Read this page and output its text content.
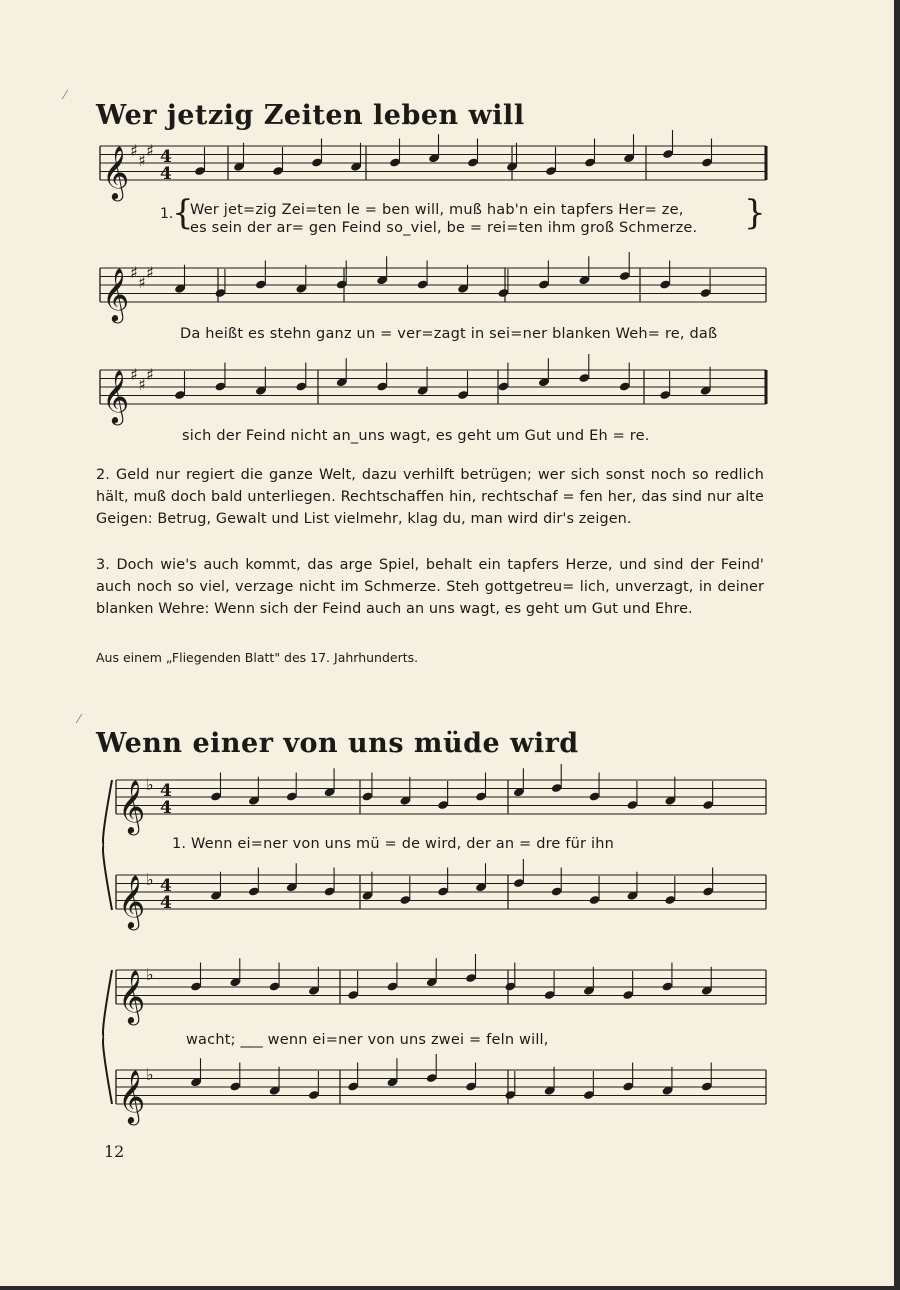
⁄
⁄
Wer jetzig Zeiten leben will
𝄞 ♯
♯
♯ 4
4
𝄞 ♯
♯
♯
𝄞 ♯
♯
♯
𝄞 ♭ 4
4
𝄞 ♭ 4
4
𝄞 ♭
𝄞 ♭
1.
{	}
Wer jet=zig Zei=ten le = ben will, muß hab'n ein tapfers Her= ze,
es sein der ar= gen Feind so_viel, be = rei=ten ihm groß Schmerze.
Da heißt es stehn ganz un = ver=zagt in sei=ner blanken Weh= re, daß
sich der Feind nicht an_uns wagt, es geht um Gut und Eh = re.
2. Geld nur regiert die ganze Welt, dazu verhilft betrügen; wer sich sonst noch so redlich hält, muß doch bald unterliegen. Rechtschaffen hin, rechtschaf = fen her, das sind nur alte Geigen: Betrug, Gewalt und List vielmehr, klag du, man wird dir's zeigen.
3. Doch wie's auch kommt, das arge Spiel, behalt ein tapfers Herze, und sind der Feind' auch noch so viel, verzage nicht im Schmerze. Steh gottgetreu= lich, unverzagt, in deiner blanken Wehre: Wenn sich der Feind auch an uns wagt, es geht um Gut und Ehre.
Aus einem „Fliegenden Blatt" des 17. Jahrhunderts.
Wenn einer von uns müde wird
1. Wenn ei=ner von uns mü = de wird, der an = dre für ihn
wacht; ___ wenn ei=ner von uns zwei = feln will,
12
